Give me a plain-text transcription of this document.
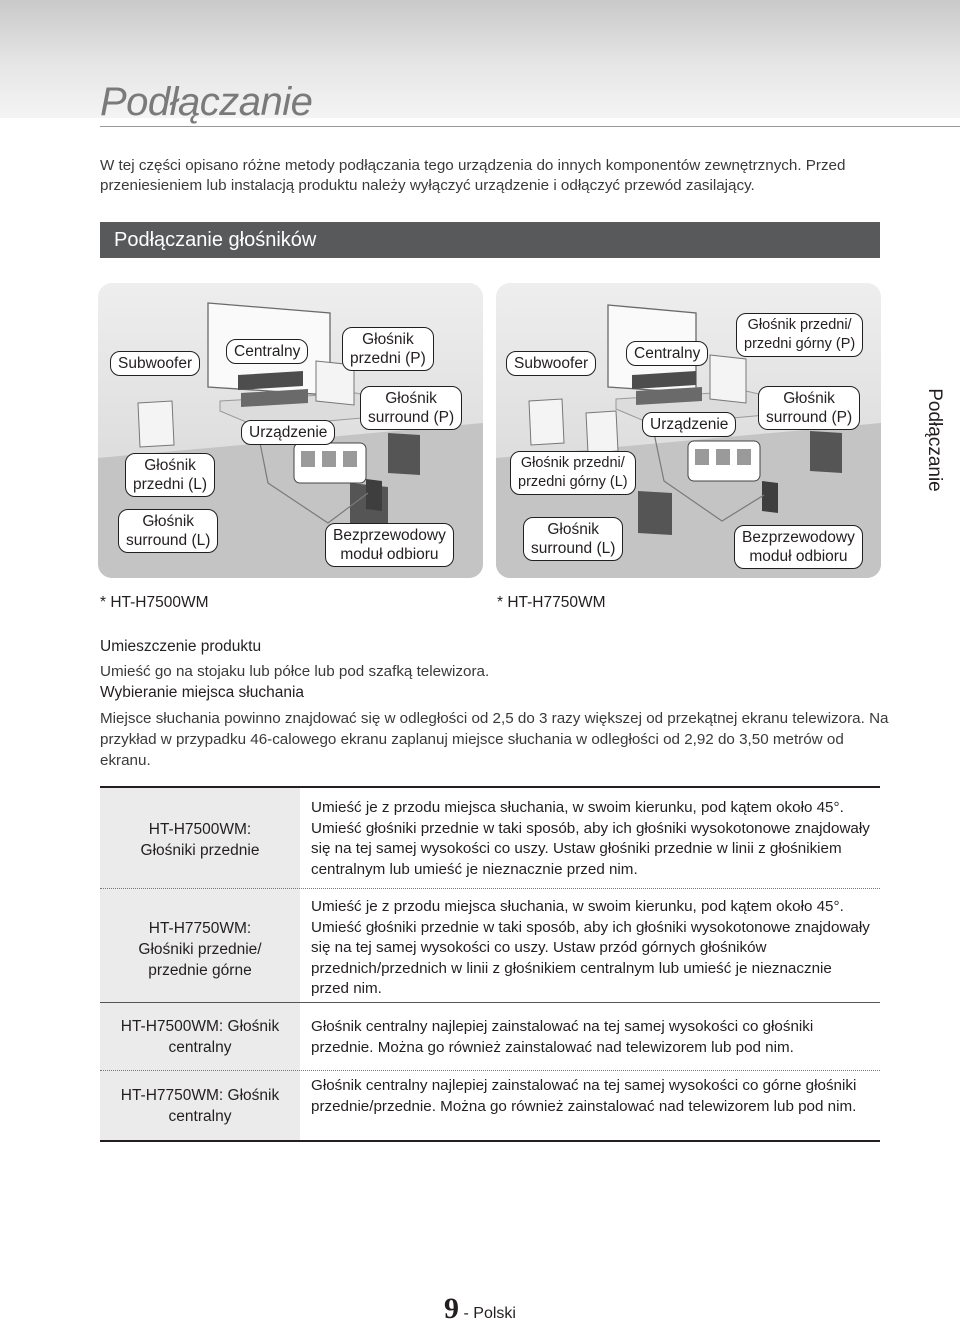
Podłączanie

W tej części opisano różne metody podłączania tego urządzenia do innych komponentów zewnętrznych. Przed przeniesieniem lub instalacją produktu należy wyłączyć urządzenie i odłączyć przewód zasilający.

Podłączanie głośników
Podłączanie
Subwoofer
Centralny
Głośnik
przedni (P)
Urządzenie
Głośnik
surround (P)
Głośnik
przedni (L)
Głośnik
surround (L)	Bezprzewodowy
moduł odbioru
Subwoofer
Centralny
Głośnik przedni/
przedni górny (P)
Urządzenie
Głośnik
surround (P)
Głośnik przedni/
przedni górny (L)
Głośnik
surround (L)
Bezprzewodowy
moduł odbioru
* HT-H7500WM	* HT-H7750WM
Umieszczenie produktu

Umieść go na stojaku lub półce lub pod szafką telewizora.

Wybieranie miejsca słuchania

Miejsce słuchania powinno znajdować się w odległości od 2,5 do 3 razy większej od przekątnej ekranu telewizora. Na przykład w przypadku 46-calowego ekranu zaplanuj miejsce słuchania w odległości od 2,92 do 3,50 metrów od ekranu.

HT-H7500WM:
Głośniki przednie
Umieść je z przodu miejsca słuchania, w swoim kierunku, pod kątem około 45°. Umieść głośniki przednie w taki sposób, aby ich głośniki wysokotonowe znajdowały się na tej samej wysokości co uszy. Ustaw głośniki przednie w linii z głośnikiem centralnym lub umieść je nieznacznie przed nim.
HT-H7750WM:
Głośniki przednie/
przednie górne
Umieść je z przodu miejsca słuchania, w swoim kierunku, pod kątem około 45°. Umieść głośniki przednie w taki sposób, aby ich głośniki wysokotonowe znajdowały się na tej samej wysokości co uszy. Ustaw przód górnych głośników przednich/przednich w linii z głośnikiem centralnym lub umieść je nieznacznie przed nim.
HT-H7500WM: Głośnik
centralny
Głośnik centralny najlepiej zainstalować na tej samej wysokości co głośniki przednie. Można go również zainstalować nad telewizorem lub pod nim.
HT-H7750WM: Głośnik
centralny
Głośnik centralny najlepiej zainstalować na tej samej wysokości co górne głośniki przednie/przednie. Można go również zainstalować nad telewizorem lub pod nim.
9 - Polski
